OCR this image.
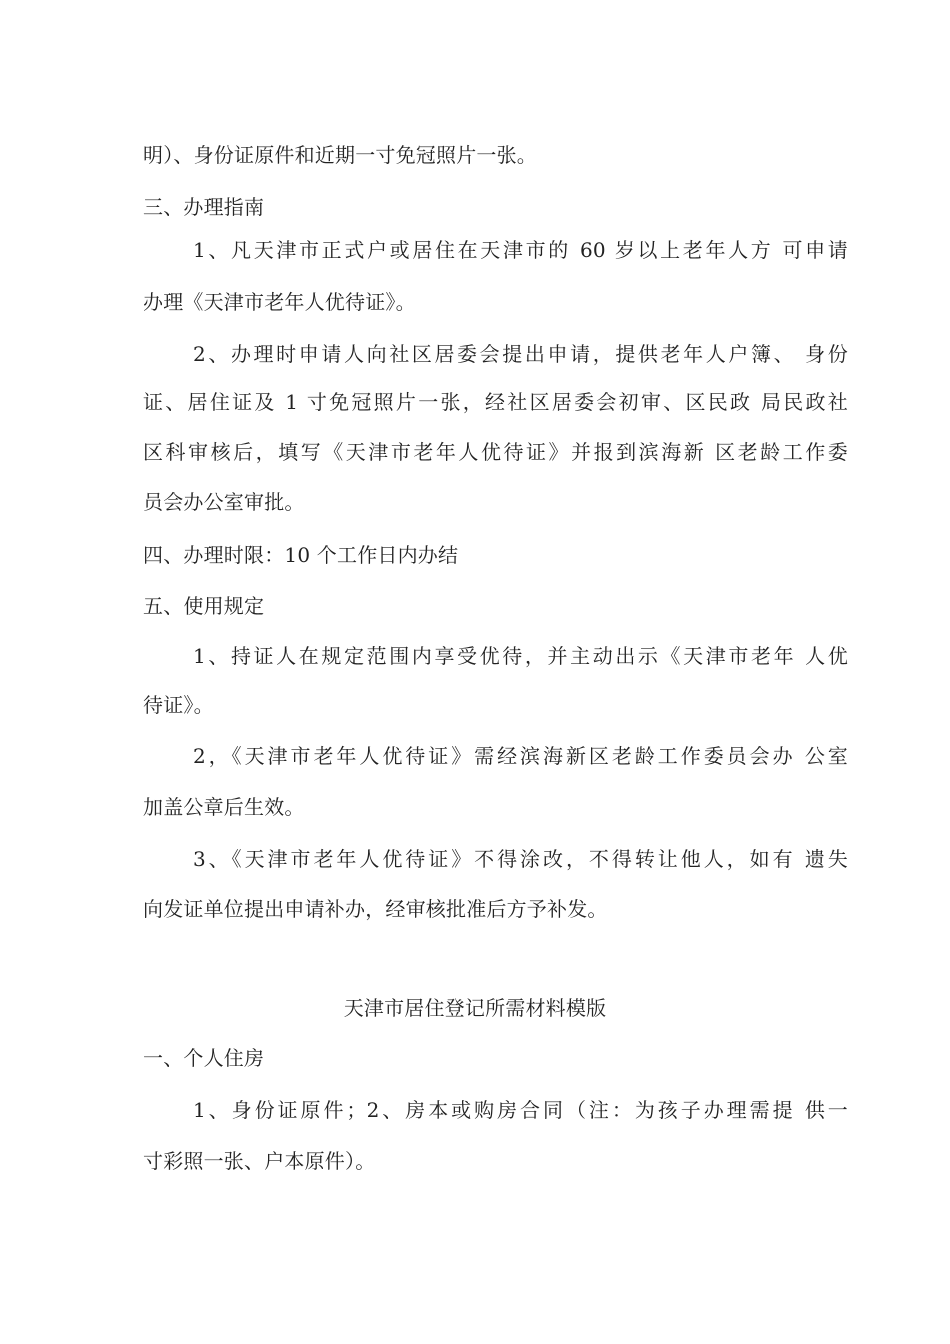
明）、身份证原件和近期一寸免冠照片一张。
三、办理指南
1、凡天津市正式户或居住在天津市的 60 岁以上老年人方 可申请
办理《天津市老年人优待证》。
2、办理时申请人向社区居委会提出申请，提供老年人户簿、 身份
证、居住证及 1 寸免冠照片一张，经社区居委会初审、区民政 局民政社
区科审核后，填写《天津市老年人优待证》并报到滨海新 区老龄工作委
员会办公室审批。
四、办理时限：10 个工作日内办结
五、使用规定
1、持证人在规定范围内享受优待，并主动出示《天津市老年 人优
待证》。
2，《天津市老年人优待证》需经滨海新区老龄工作委员会办 公室
加盖公章后生效。
3、《天津市老年人优待证》不得涂改，不得转让他人，如有 遗失
向发证单位提出申请补办，经审核批准后方予补发。
天津市居住登记所需材料模版
一、个人住房
1、身份证原件；2、房本或购房合同（注：为孩子办理需提 供一
寸彩照一张、户本原件）。
